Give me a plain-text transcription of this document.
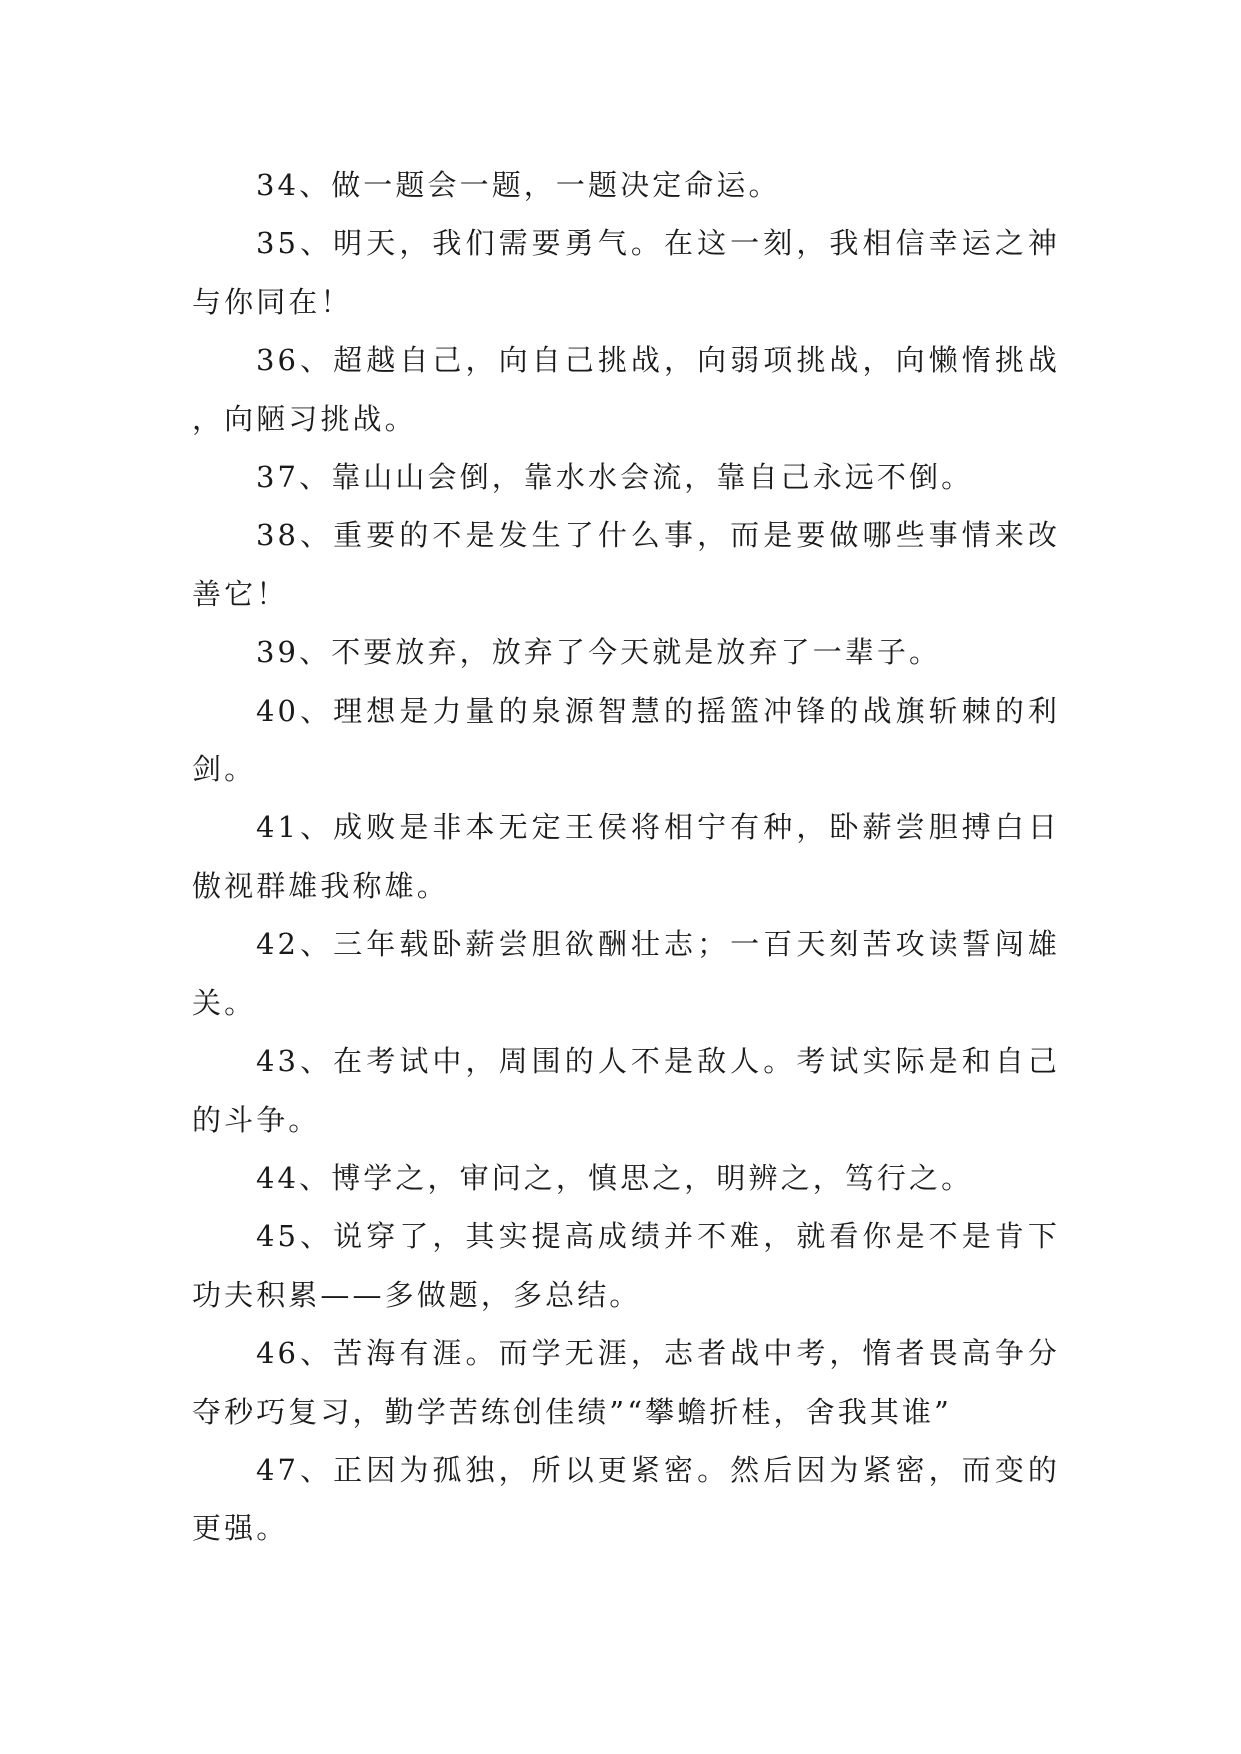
34、做一题会一题，一题决定命运。

35、明天，我们需要勇气。在这一刻，我相信幸运之神与你同在！

36、超越自己，向自己挑战，向弱项挑战，向懒惰挑战，向陋习挑战。

37、靠山山会倒，靠水水会流，靠自己永远不倒。

38、重要的不是发生了什么事，而是要做哪些事情来改善它！

39、不要放弃，放弃了今天就是放弃了一辈子。

40、理想是力量的泉源智慧的摇篮冲锋的战旗斩棘的利剑。

41、成败是非本无定王侯将相宁有种，卧薪尝胆搏白日傲视群雄我称雄。

42、三年载卧薪尝胆欲酬壮志；一百天刻苦攻读誓闯雄关。

43、在考试中，周围的人不是敌人。考试实际是和自己的斗争。

44、博学之，审问之，慎思之，明辨之，笃行之。

45、说穿了，其实提高成绩并不难，就看你是不是肯下功夫积累——多做题，多总结。

46、苦海有涯。而学无涯，志者战中考，惰者畏高争分夺秒巧复习，勤学苦练创佳绩”“攀蟾折桂，舍我其谁”

47、正因为孤独，所以更紧密。然后因为紧密，而变的更强。
